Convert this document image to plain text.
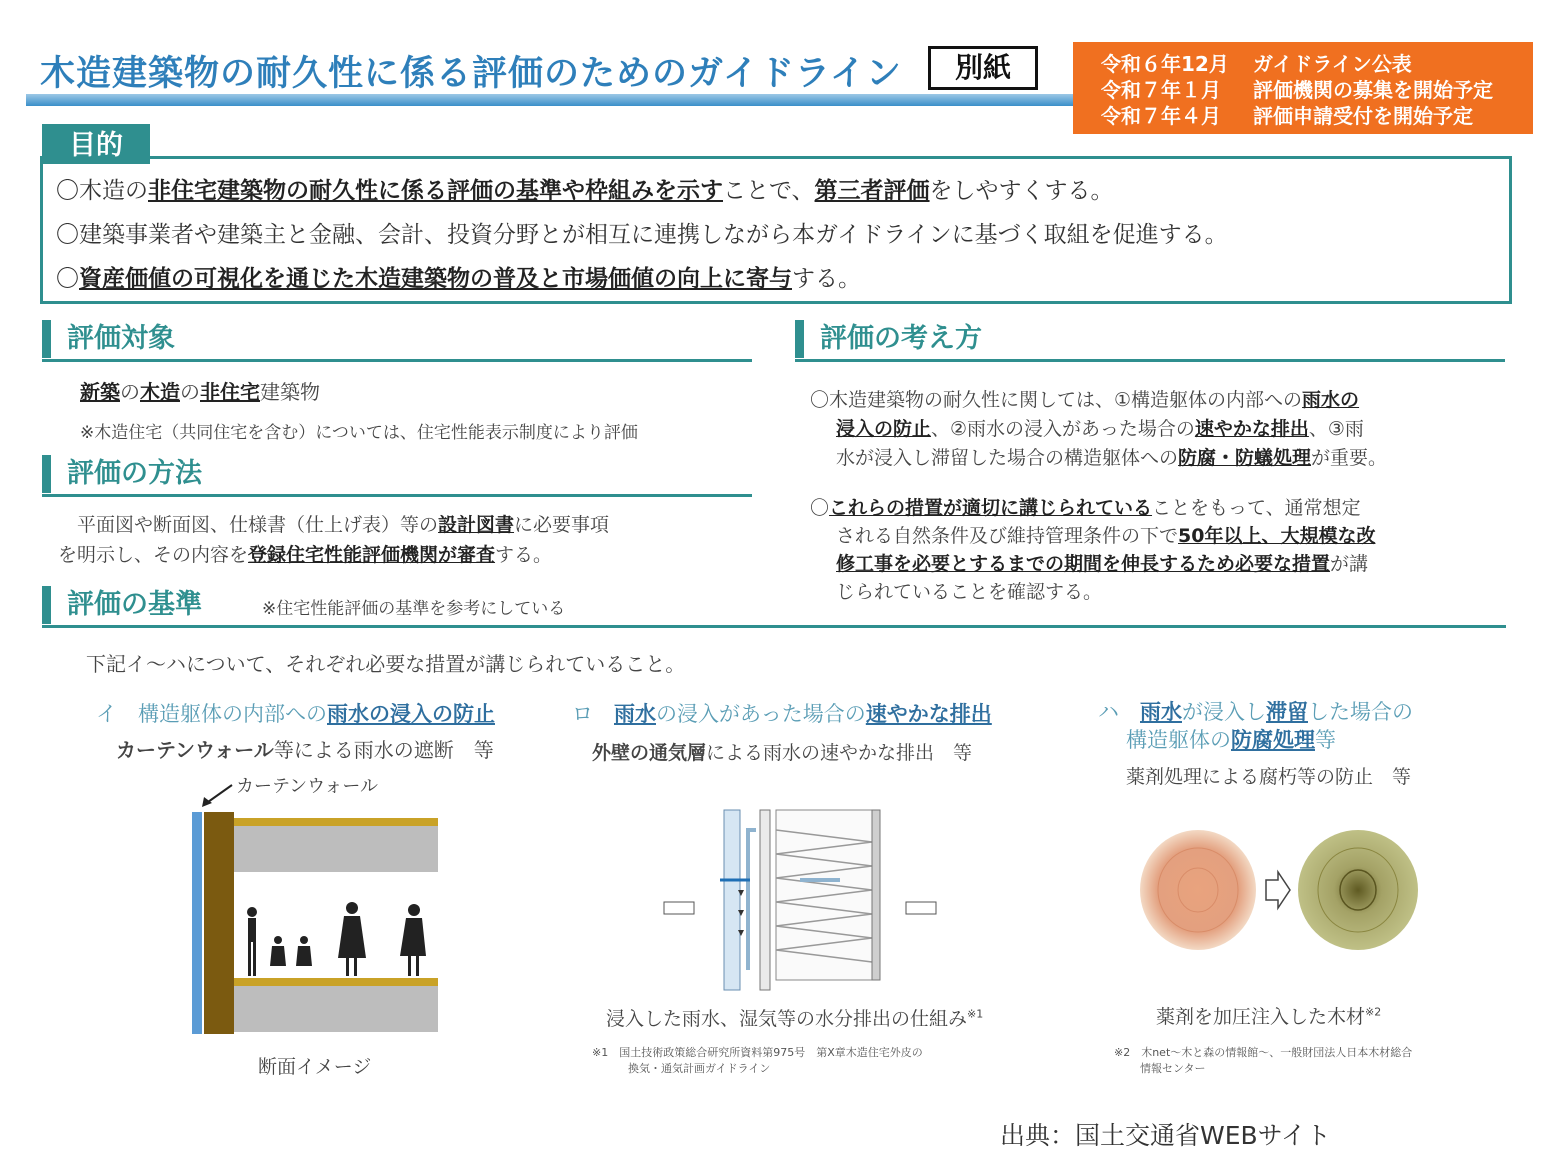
木造建築物の耐久性に係る評価のためのガイドライン	別紙	令和６年12月 ガイドライン公表
令和７年１月 評価機関の募集を開始予定
令和７年４月 評価申請受付を開始予定
目的
〇木造の非住宅建築物の耐久性に係る評価の基準や枠組みを示すことで、第三者評価をしやすくする。
〇建築事業者や建築主と金融、会計、投資分野とが相互に連携しながら本ガイドラインに基づく取組を促進する。
〇資産価値の可視化を通じた木造建築物の普及と市場価値の向上に寄与する。
評価対象
新築の木造の非住宅建築物
※木造住宅（共同住宅を含む）については、住宅性能表示制度により評価
評価の方法
　平面図や断面図、仕様書（仕上げ表）等の設計図書に必要事項
を明示し、その内容を登録住宅性能評価機関が審査する。
評価の基準	※住宅性能評価の基準を参考にしている
下記イ～ハについて、それぞれ必要な措置が講じられていること。
評価の考え方
〇木造建築物の耐久性に関しては、①構造躯体の内部への雨水の
浸入の防止、②雨水の浸入があった場合の速やかな排出、③雨
水が浸入し滞留した場合の構造躯体への防腐・防蟻処理が重要。
〇これらの措置が適切に講じられていることをもって、通常想定
される自然条件及び維持管理条件の下で50年以上、大規模な改
修工事を必要とするまでの期間を伸長するため必要な措置が講
じられていることを確認する。
イ　構造躯体の内部への雨水の浸入の防止
カーテンウォール等による雨水の遮断　等
カーテンウォール
断面イメージ
ロ　雨水の浸入があった場合の速やかな排出
外壁の通気層による雨水の速やかな排出　等
浸入した雨水、湿気等の水分排出の仕組み$^{※1}$
※1　国土技術政策総合研究所資料第975号　第Ⅹ章木造住宅外皮の
換気・通気計画ガイドライン
ハ　雨水が浸入し滞留した場合の
構造躯体の防腐処理等
薬剤処理による腐朽等の防止　等
薬剤を加圧注入した木材$^{※2}$
※2　木net～木と森の情報館～、一般財団法人日本木材総合
情報センター
出典：国土交通省WEBサイト
